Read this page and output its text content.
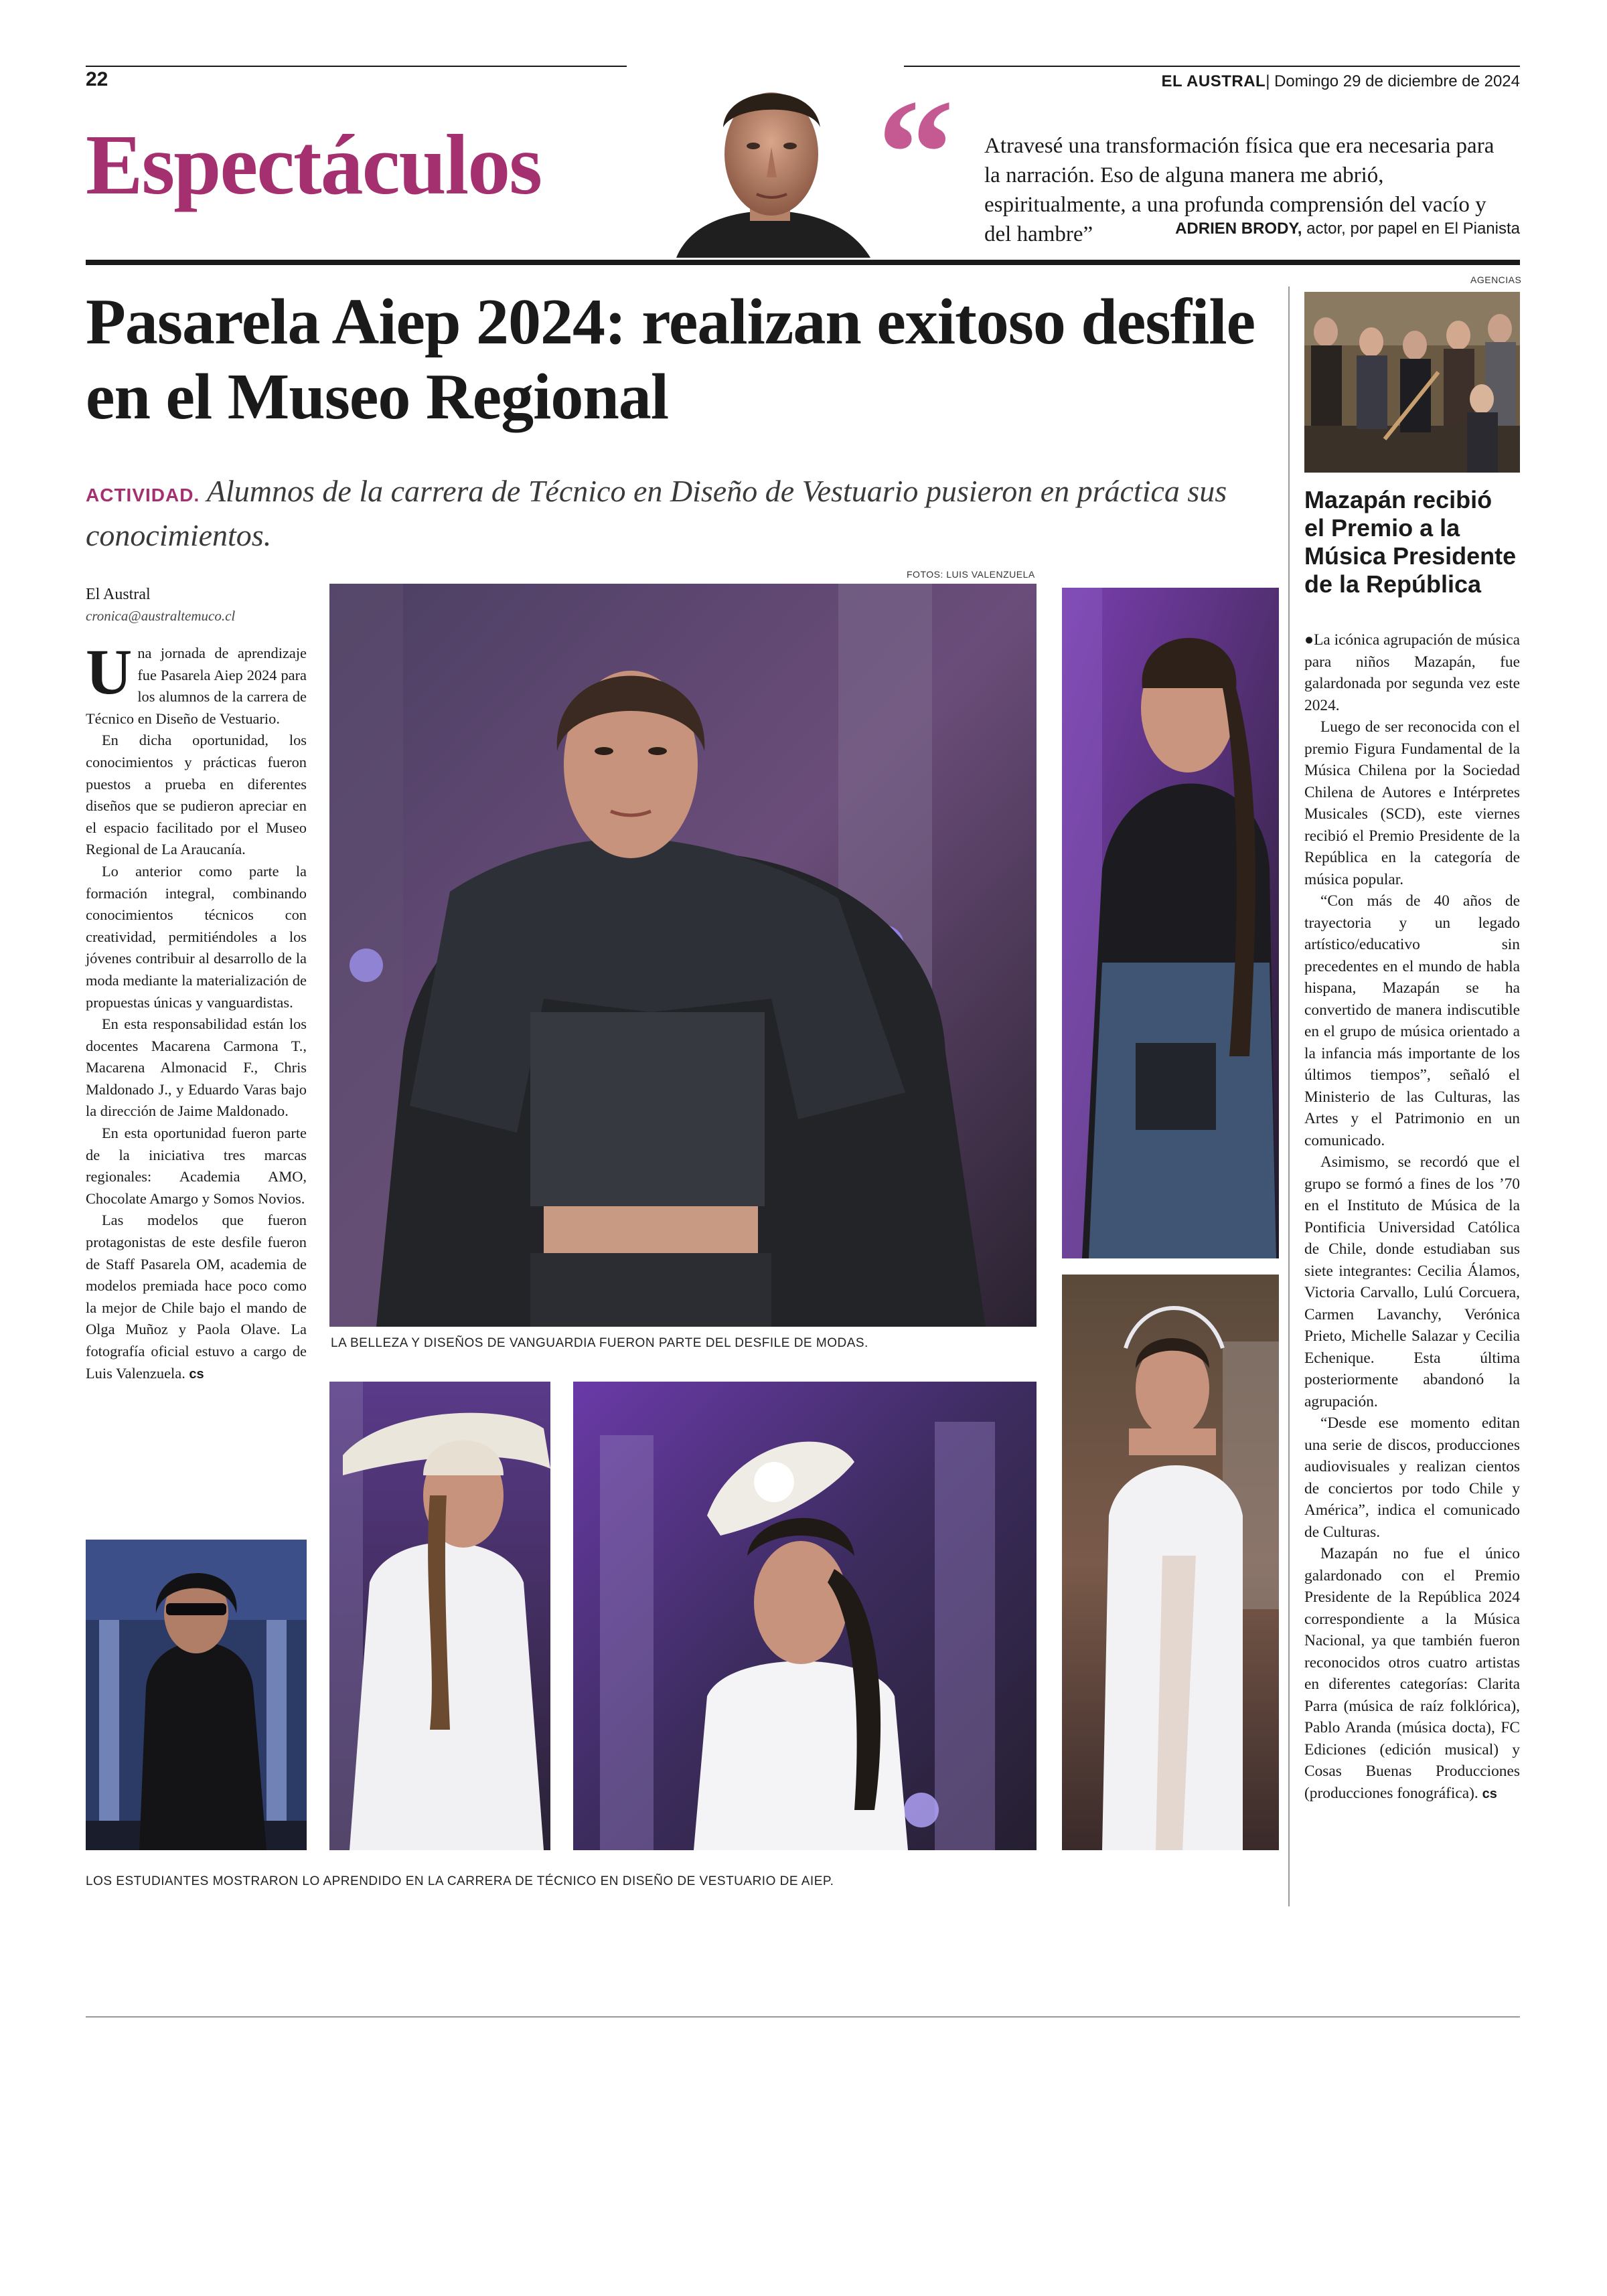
22	EL AUSTRAL| Domingo 29 de diciembre de 2024
Espectáculos “ Atravesé una transformación física que era necesaria para la narración. Eso de alguna manera me abrió, espiritualmente, a una profunda comprensión del vacío y del hambre”	ADRIEN BRODY, actor, por papel en El Pianista
Pasarela Aiep 2024: realizan exitoso desfile en el Museo Regional
ACTIVIDAD. Alumnos de la carrera de Técnico en Diseño de Vestuario pusieron en práctica sus conocimientos.
El Austral
cronica@australtemuco.cl

Una jornada de aprendizaje fue Pasarela Aiep 2024 para los alumnos de la carrera de Técnico en Diseño de Vestuario.

En dicha oportunidad, los conocimientos y prácticas fueron puestos a prueba en diferentes diseños que se pudieron apreciar en el espacio facilitado por el Museo Regional de La Araucanía.

Lo anterior como parte la formación integral, combinando conocimientos técnicos con creatividad, permitiéndoles a los jóvenes contribuir al desarrollo de la moda mediante la materialización de propuestas únicas y vanguardistas.

En esta responsabilidad están los docentes Macarena Carmona T., Macarena Almonacid F., Chris Maldonado J., y Eduardo Varas bajo la dirección de Jaime Maldonado.

En esta oportunidad fueron parte de la iniciativa tres marcas regionales: Academia AMO, Chocolate Amargo y Somos Novios.

Las modelos que fueron protagonistas de este desfile fueron de Staff Pasarela OM, academia de modelos premiada hace poco como la mejor de Chile bajo el mando de Olga Muñoz y Paola Olave. La fotografía oficial estuvo a cargo de Luis Valenzuela. cs

FOTOS: LUIS VALENZUELA
LA BELLEZA Y DISEÑOS DE VANGUARDIA FUERON PARTE DEL DESFILE DE MODAS.
LOS ESTUDIANTES MOSTRARON LO APRENDIDO EN LA CARRERA DE TÉCNICO EN DISEÑO DE VESTUARIO DE AIEP.
AGENCIAS
Mazapán recibió el Premio a la Música Presidente de la República

●La icónica agrupación de música para niños Mazapán, fue galardonada por segunda vez este 2024.

Luego de ser reconocida con el premio Figura Fundamental de la Música Chilena por la Sociedad Chilena de Autores e Intérpretes Musicales (SCD), este viernes recibió el Premio Presidente de la República en la categoría de música popular.

“Con más de 40 años de trayectoria y un legado artístico/educativo sin precedentes en el mundo de habla hispana, Mazapán se ha convertido de manera indiscutible en el grupo de música orientado a la infancia más importante de los últimos tiempos”, señaló el Ministerio de las Culturas, las Artes y el Patrimonio en un comunicado.

Asimismo, se recordó que el grupo se formó a fines de los ’70 en el Instituto de Música de la Pontificia Universidad Católica de Chile, donde estudiaban sus siete integrantes: Cecilia Álamos, Victoria Carvallo, Lulú Corcuera, Carmen Lavanchy, Verónica Prieto, Michelle Salazar y Cecilia Echenique. Esta última posteriormente abandonó la agrupación.

“Desde ese momento editan una serie de discos, producciones audiovisuales y realizan cientos de conciertos por todo Chile y América”, indica el comunicado de Culturas.

Mazapán no fue el único galardonado con el Premio Presidente de la República 2024 correspondiente a la Música Nacional, ya que también fueron reconocidos otros cuatro artistas en diferentes categorías: Clarita Parra (música de raíz folklórica), Pablo Aranda (música docta), FC Ediciones (edición musical) y Cosas Buenas Producciones (producciones fonográfica). cs
